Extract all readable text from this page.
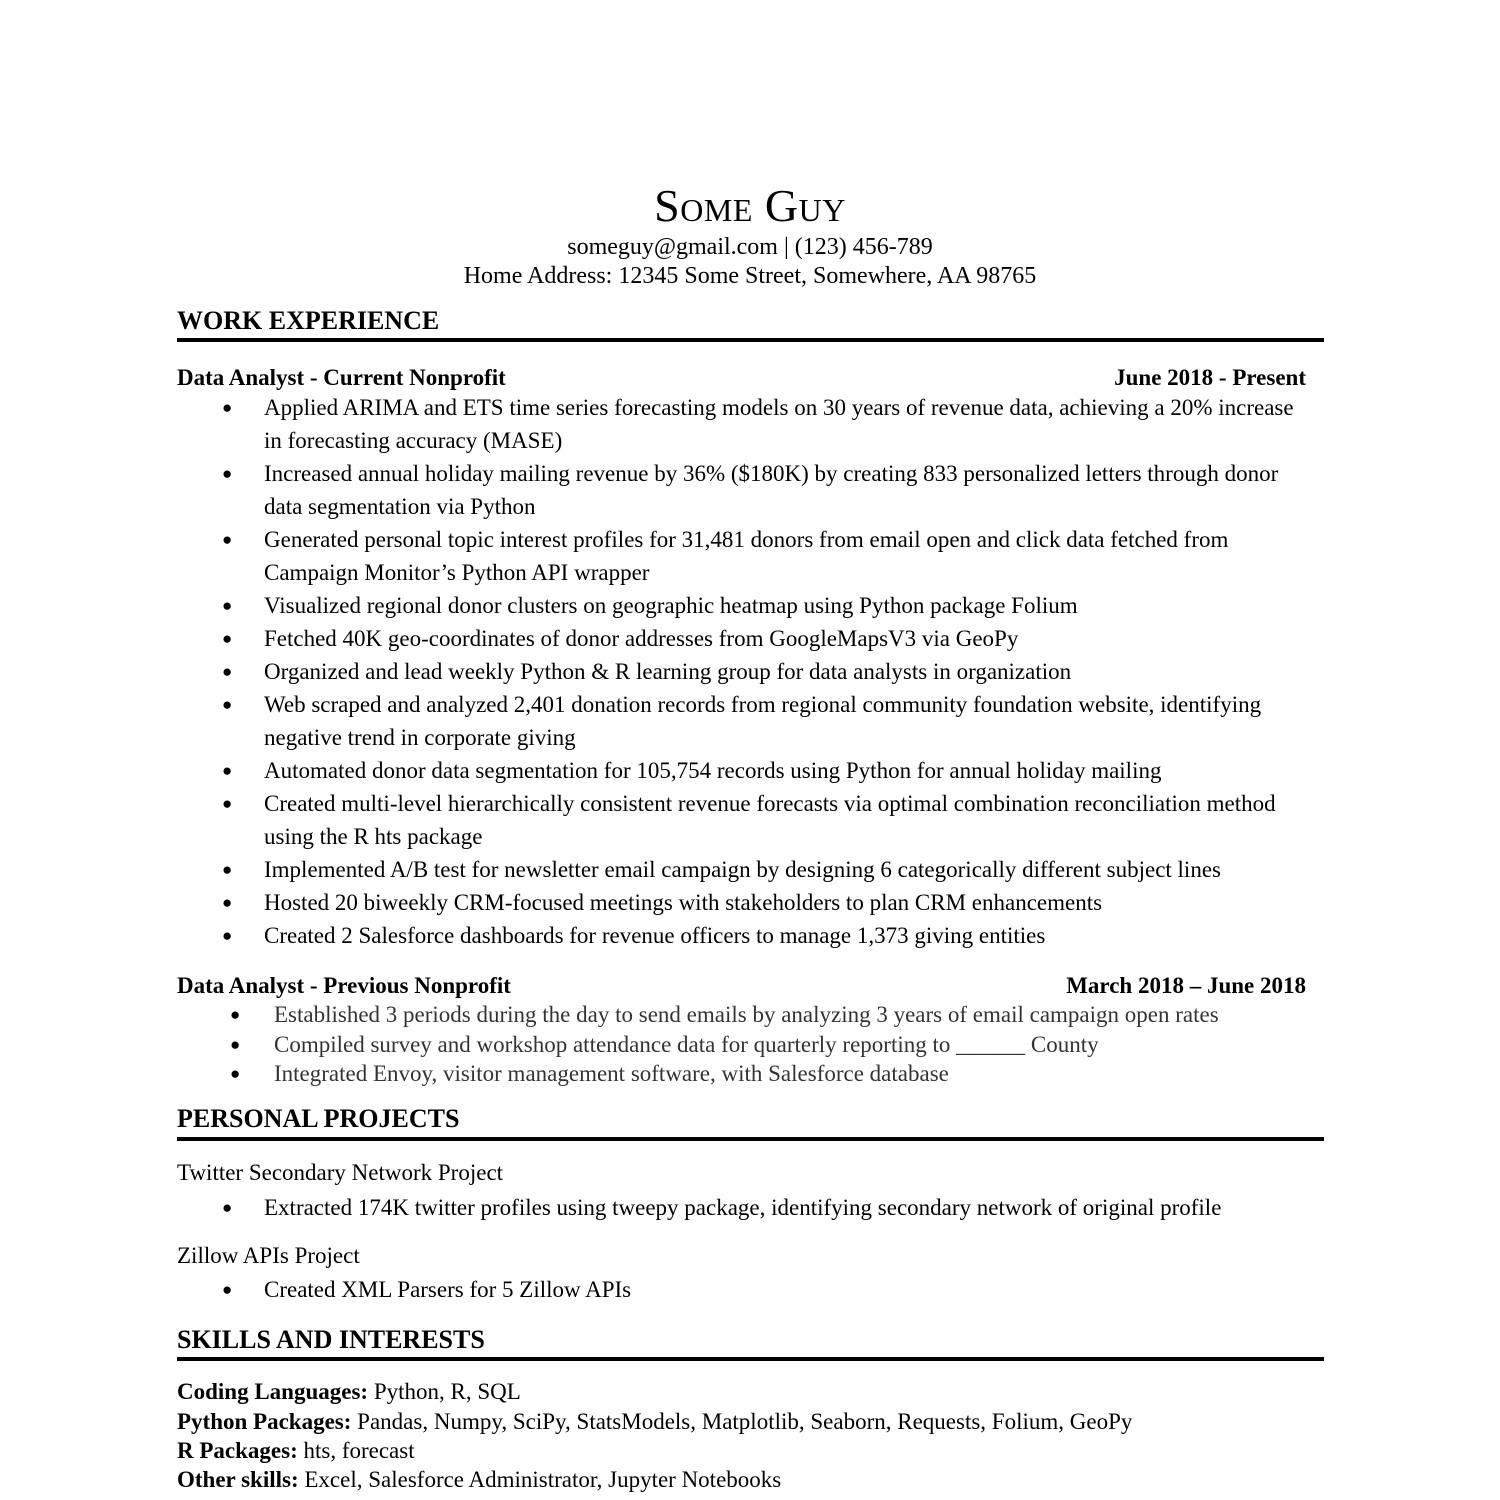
Some Guy
someguy@gmail.com | (123) 456-789
Home Address: 12345 Some Street, Somewhere, AA 98765
WORK EXPERIENCE
Data Analyst - Current Nonprofit	June 2018 - Present
● Applied ARIMA and ETS time series forecasting models on 30 years of revenue data, achieving a 20% increase in forecasting accuracy (MASE)
● Increased annual holiday mailing revenue by 36% ($180K) by creating 833 personalized letters through donor data segmentation via Python
● Generated personal topic interest profiles for 31,481 donors from email open and click data fetched from Campaign Monitor’s Python API wrapper
● Visualized regional donor clusters on geographic heatmap using Python package Folium
● Fetched 40K geo-coordinates of donor addresses from GoogleMapsV3 via GeoPy
● Organized and lead weekly Python & R learning group for data analysts in organization
● Web scraped and analyzed 2,401 donation records from regional community foundation website, identifying negative trend in corporate giving
● Automated donor data segmentation for 105,754 records using Python for annual holiday mailing
● Created multi-level hierarchically consistent revenue forecasts via optimal combination reconciliation method using the R hts package
● Implemented A/B test for newsletter email campaign by designing 6 categorically different subject lines
● Hosted 20 biweekly CRM-focused meetings with stakeholders to plan CRM enhancements
● Created 2 Salesforce dashboards for revenue officers to manage 1,373 giving entities
Data Analyst - Previous Nonprofit	March 2018 – June 2018
● Established 3 periods during the day to send emails by analyzing 3 years of email campaign open rates
● Compiled survey and workshop attendance data for quarterly reporting to ______ County
● Integrated Envoy, visitor management software, with Salesforce database
PERSONAL PROJECTS
Twitter Secondary Network Project
● Extracted 174K twitter profiles using tweepy package, identifying secondary network of original profile
Zillow APIs Project
● Created XML Parsers for 5 Zillow APIs
SKILLS AND INTERESTS
Coding Languages: Python, R, SQL
Python Packages: Pandas, Numpy, SciPy, StatsModels, Matplotlib, Seaborn, Requests, Folium, GeoPy
R Packages: hts, forecast
Other skills: Excel, Salesforce Administrator, Jupyter Notebooks
